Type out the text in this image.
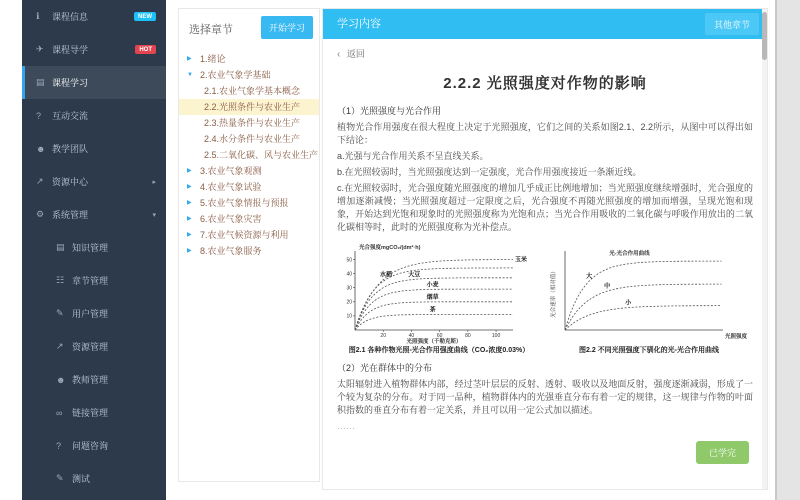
ℹ	课程信息	NEW
✈ 课程导学	HOT
▤ 课程学习
?	互动交流
☻ 教学团队
↗ 资源中心	▸
⚙ 系统管理	▾
▤ 知识管理
☷ 章节管理
✎ 用户管理
↗ 资源管理
☻ 教师管理
∞	链接管理
?	问题咨询
✎ 测试
选择章节	开始学习
▶ 1.绪论
▼ 2.农业气象学基础
2.1.农业气象学基本概念
2.2.光照条件与农业生产
2.3.热量条件与农业生产
2.4.水分条件与农业生产
2.5.二氧化碳、风与农业生产
▶ 3.农业气象观测
▶ 4.农业气象试验
▶ 5.农业气象情报与预报
▶ 6.农业气象灾害
▶ 7.农业气候资源与利用
▶ 8.农业气象服务
学习内容	其他章节
‹ 返回
2.2.2 光照强度对作物的影响

（1）光照强度与光合作用

植物光合作用强度在很大程度上决定于光照强度，它们之间的关系如图2.1、2.2所示，从图中可以得出如下结论：

a.光强与光合作用关系不呈直线关系。

b.在光照较弱时，当光照强度达到一定强度，光合作用强度接近一条渐近线。

c.在光照较弱时，光合强度随光照强度的增加几乎成正比例地增加；当光照强度继续增强时，光合强度的增加逐渐减慢；当光照强度超过一定限度之后，光合强度不再随光照强度的增加而增强，呈现光饱和现象，开始达到光饱和现象时的光照强度称为光饱和点；当光合作用吸收的二氧化碳与呼吸作用放出的二氧化碳相等时，此时的光照强度称为光补偿点。

20	40	60	80	100
10
20
30
40
50
光合强度mgCO₂/(dm²·h)
光照强度（千勒克斯）
玉米
水稻	大豆
小麦
烟草
茶
图2.1 各种作物光照-光合作用强度曲线（CO₂浓度0.03%）
光合速率（相对值）
光-光合作用曲线
光照强度
大
中
小
图2.2 不同光照强度下驯化的光-光合作用曲线

（2）光在群体中的分布

太阳辐射进入植物群体内部，经过茎叶层层的反射、透射、吸收以及地面反射，强度逐渐减弱，形成了一个较为复杂的分布。对于同一品种，植物群体内的光强垂直分布有着一定的规律，这一规律与作物的叶面积指数的垂直分布有着一定关系，并且可以用一定公式加以描述。

……

已学完
